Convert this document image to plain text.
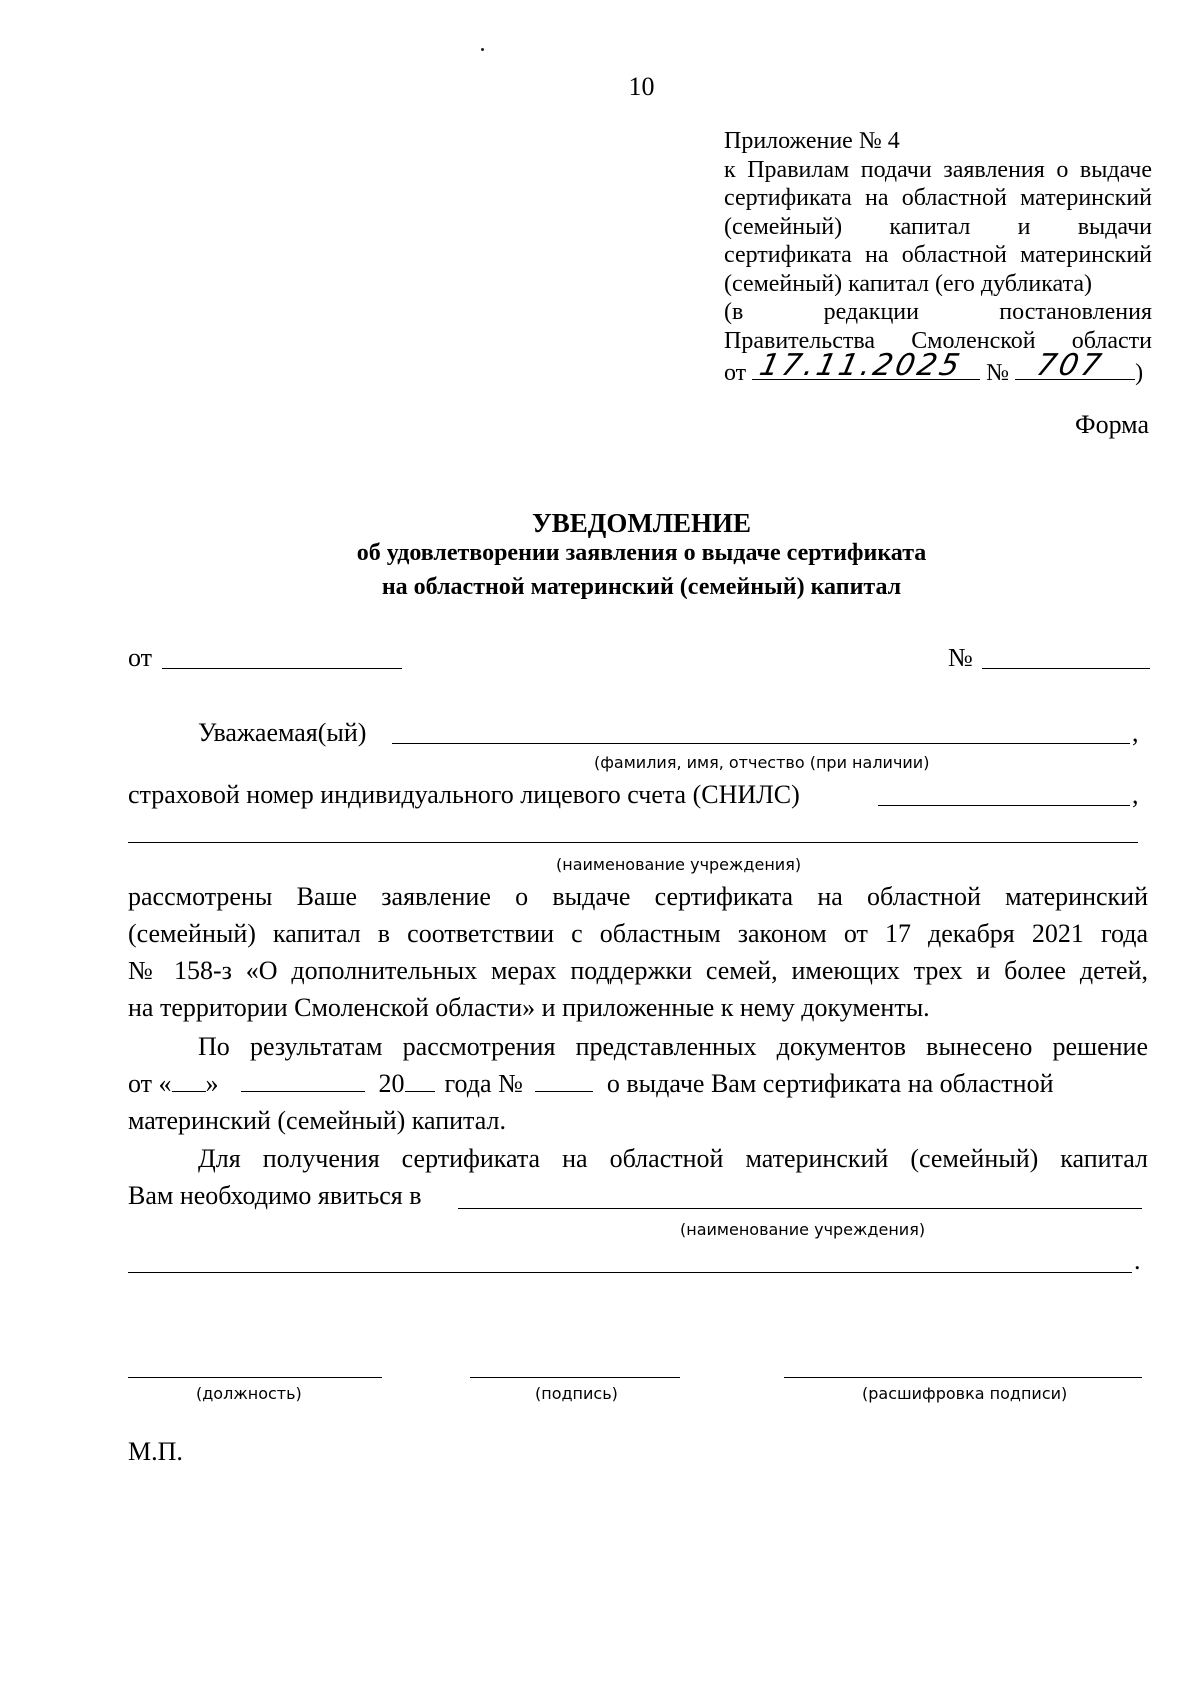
10
Приложение № 4
к Правилам подачи заявления о выдаче
сертификата на областной материнский
(семейный) капитал и выдачи
сертификата на областной материнский
(семейный) капитал (его дубликата)
(в редакции постановления
Правительства Смоленской области
от 17.11.2025 № 707 )
Форма
УВЕДОМЛЕНИЕ
об удовлетворении заявления о выдаче сертификата
на областной материнский (семейный) капитал
от	№
Уважаемая(ый)	,
(фамилия, имя, отчество (при наличии)
страховой номер индивидуального лицевого счета (СНИЛС)	,
(наименование учреждения)
рассмотрены Ваше заявление о выдаче сертификата на областной материнский
(семейный) капитал в соответствии с областным законом от 17 декабря 2021 года
№ 158-з «О дополнительных мерах поддержки семей, имеющих трех и более детей,
на территории Смоленской области» и приложенные к нему документы.
По результатам рассмотрения представленных документов вынесено решение
от « »	20 года №	о выдаче Вам сертификата на областной
материнский (семейный) капитал.
Для получения сертификата на областной материнский (семейный) капитал
Вам необходимо явиться в
(наименование учреждения)
.
(должность)	(подпись)	(расшифровка подписи)
М.П.
